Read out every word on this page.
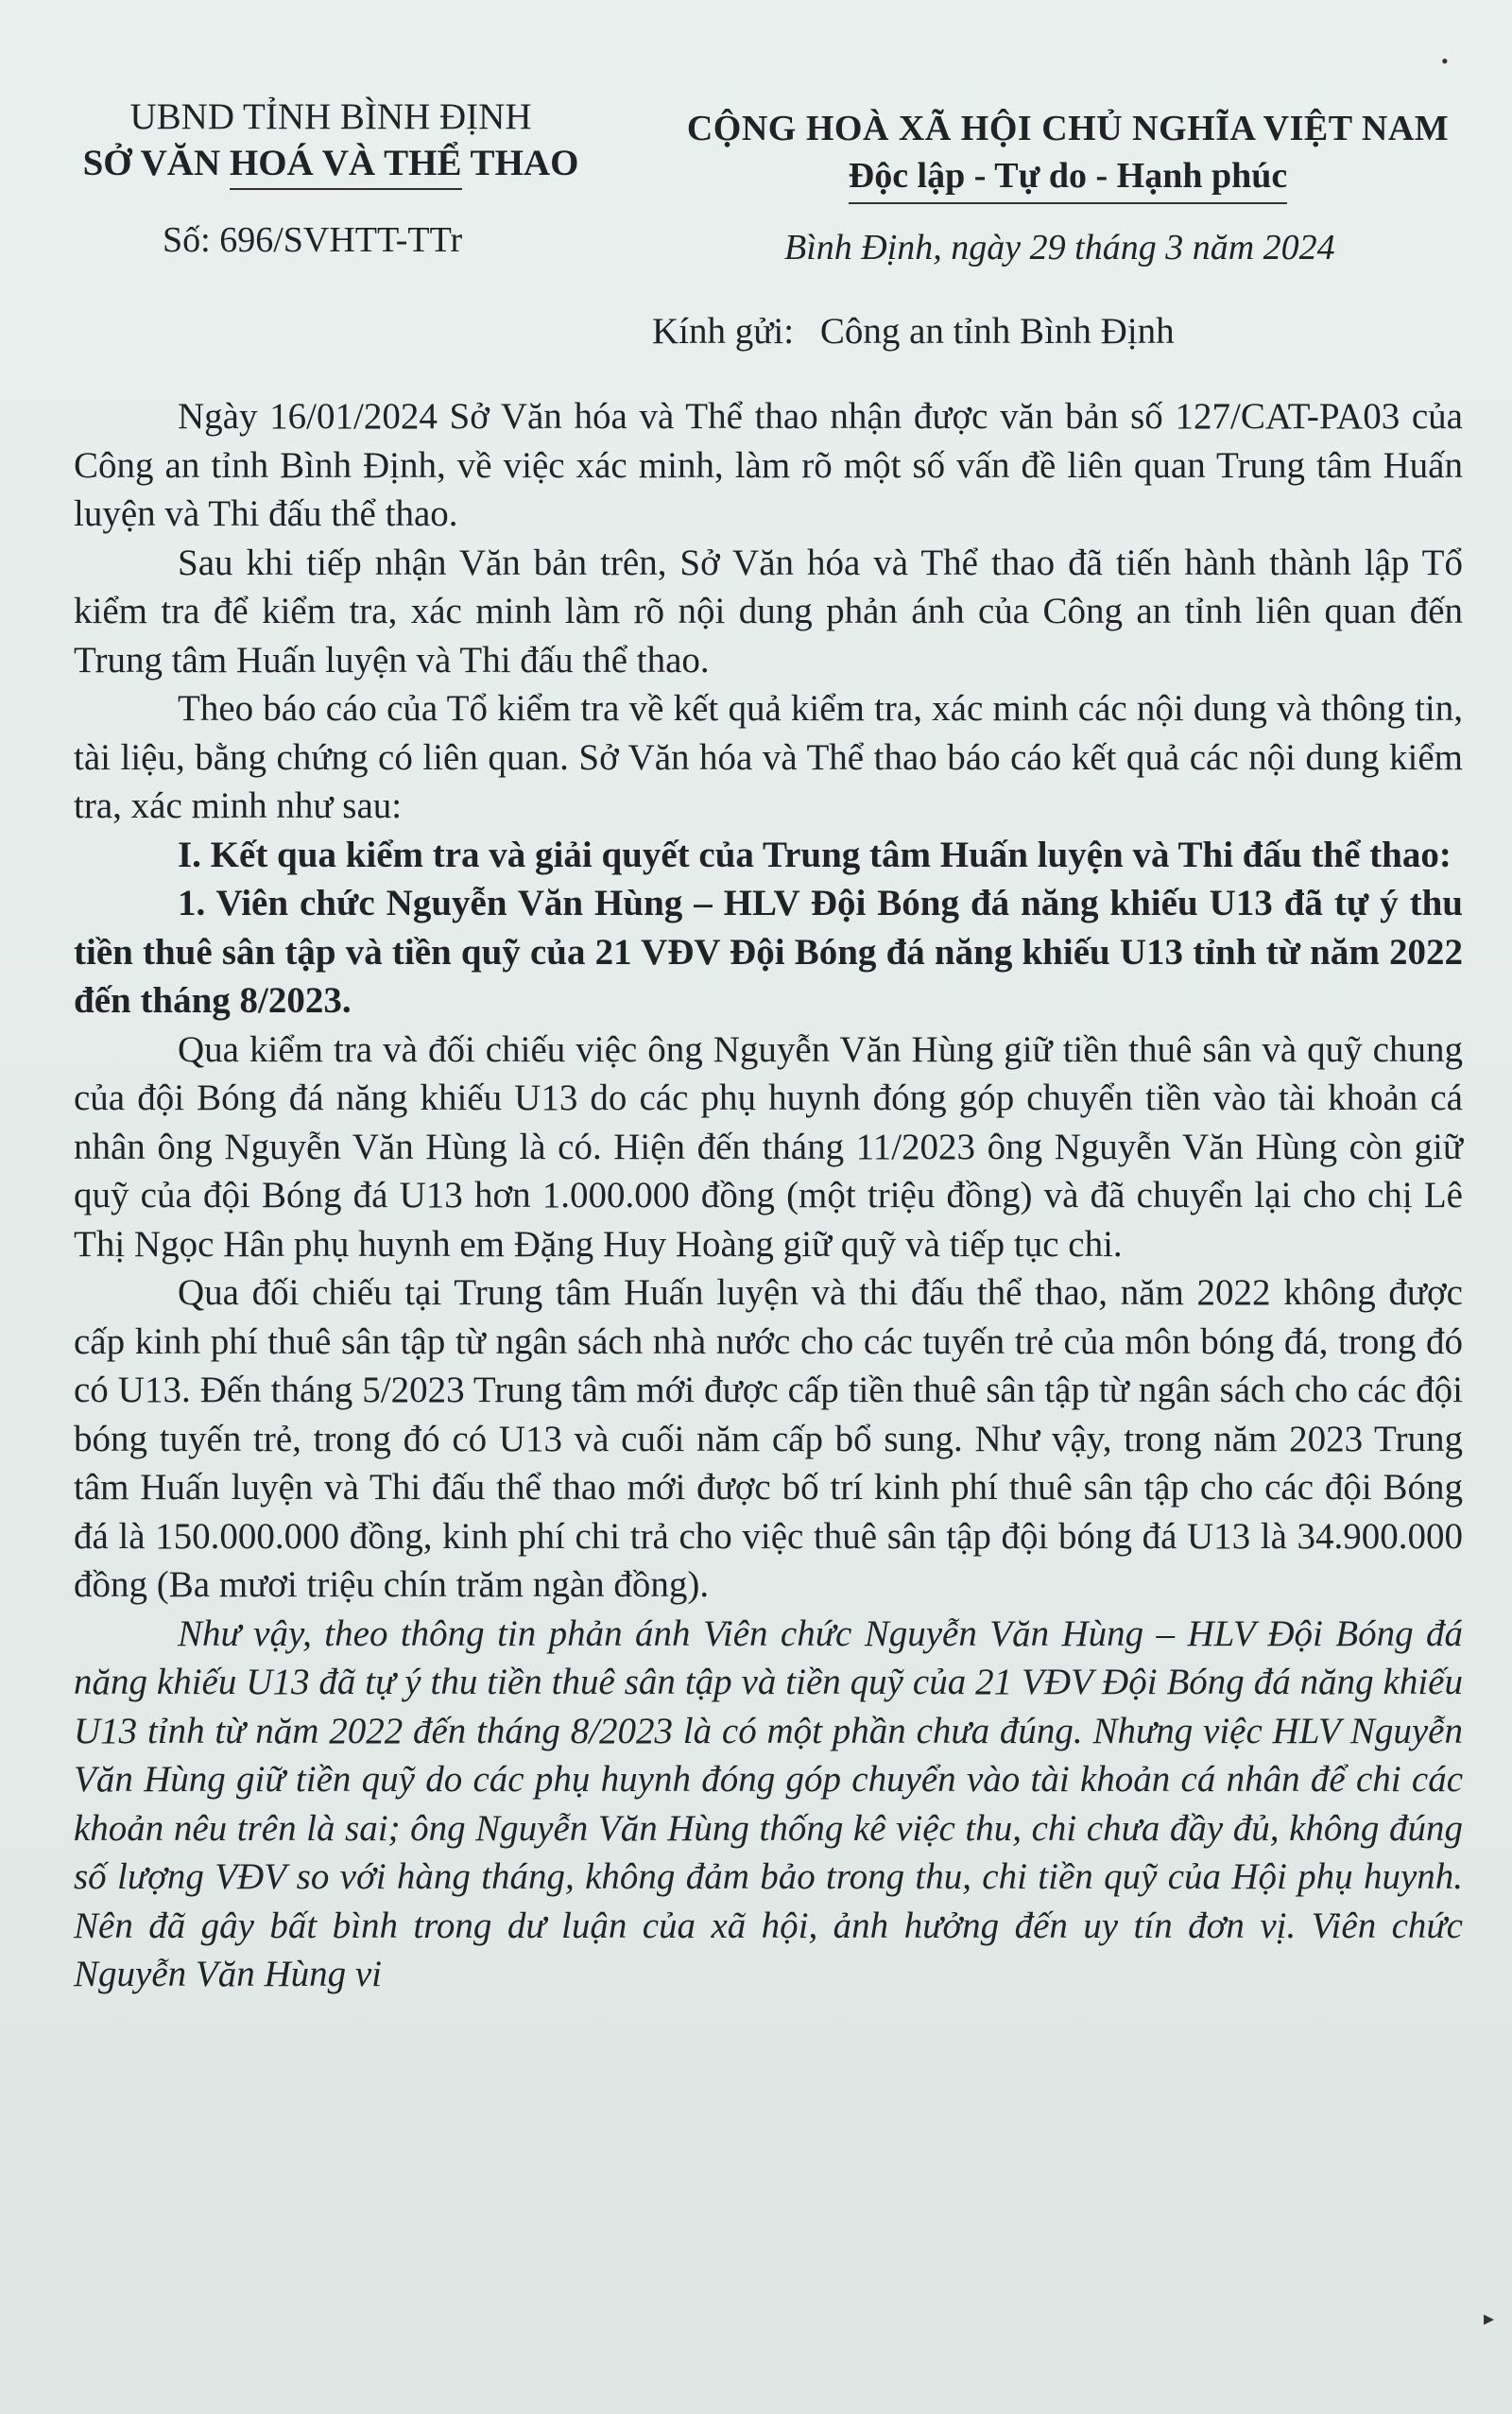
UBND TỈNH BÌNH ĐỊNH
SỞ VĂN HOÁ VÀ THỂ THAO
CỘNG HOÀ XÃ HỘI CHỦ NGHĨA VIỆT NAM
Độc lập - Tự do - Hạnh phúc
Số: 696/SVHTT-TTr	Bình Định, ngày 29 tháng 3 năm 2024
Kính gửi: Công an tỉnh Bình Định

Ngày 16/01/2024 Sở Văn hóa và Thể thao nhận được văn bản số 127/CAT-PA03 của Công an tỉnh Bình Định, về việc xác minh, làm rõ một số vấn đề liên quan Trung tâm Huấn luyện và Thi đấu thể thao.

Sau khi tiếp nhận Văn bản trên, Sở Văn hóa và Thể thao đã tiến hành thành lập Tổ kiểm tra để kiểm tra, xác minh làm rõ nội dung phản ánh của Công an tỉnh liên quan đến Trung tâm Huấn luyện và Thi đấu thể thao.

Theo báo cáo của Tổ kiểm tra về kết quả kiểm tra, xác minh các nội dung và thông tin, tài liệu, bằng chứng có liên quan. Sở Văn hóa và Thể thao báo cáo kết quả các nội dung kiểm tra, xác minh như sau:

I. Kết qua kiểm tra và giải quyết của Trung tâm Huấn luyện và Thi đấu thể thao:

1. Viên chức Nguyễn Văn Hùng – HLV Đội Bóng đá năng khiếu U13 đã tự ý thu tiền thuê sân tập và tiền quỹ của 21 VĐV Đội Bóng đá năng khiếu U13 tỉnh từ năm 2022 đến tháng 8/2023.

Qua kiểm tra và đối chiếu việc ông Nguyễn Văn Hùng giữ tiền thuê sân và quỹ chung của đội Bóng đá năng khiếu U13 do các phụ huynh đóng góp chuyển tiền vào tài khoản cá nhân ông Nguyễn Văn Hùng là có. Hiện đến tháng 11/2023 ông Nguyễn Văn Hùng còn giữ quỹ của đội Bóng đá U13 hơn 1.000.000 đồng (một triệu đồng) và đã chuyển lại cho chị Lê Thị Ngọc Hân phụ huynh em Đặng Huy Hoàng giữ quỹ và tiếp tục chi.

Qua đối chiếu tại Trung tâm Huấn luyện và thi đấu thể thao, năm 2022 không được cấp kinh phí thuê sân tập từ ngân sách nhà nước cho các tuyến trẻ của môn bóng đá, trong đó có U13. Đến tháng 5/2023 Trung tâm mới được cấp tiền thuê sân tập từ ngân sách cho các đội bóng tuyến trẻ, trong đó có U13 và cuối năm cấp bổ sung. Như vậy, trong năm 2023 Trung tâm Huấn luyện và Thi đấu thể thao mới được bố trí kinh phí thuê sân tập cho các đội Bóng đá là 150.000.000 đồng, kinh phí chi trả cho việc thuê sân tập đội bóng đá U13 là 34.900.000 đồng (Ba mươi triệu chín trăm ngàn đồng).

Như vậy, theo thông tin phản ánh Viên chức Nguyễn Văn Hùng – HLV Đội Bóng đá năng khiếu U13 đã tự ý thu tiền thuê sân tập và tiền quỹ của 21 VĐV Đội Bóng đá năng khiếu U13 tỉnh từ năm 2022 đến tháng 8/2023 là có một phần chưa đúng. Nhưng việc HLV Nguyễn Văn Hùng giữ tiền quỹ do các phụ huynh đóng góp chuyển vào tài khoản cá nhân để chi các khoản nêu trên là sai; ông Nguyễn Văn Hùng thống kê việc thu, chi chưa đầy đủ, không đúng số lượng VĐV so với hàng tháng, không đảm bảo trong thu, chi tiền quỹ của Hội phụ huynh. Nên đã gây bất bình trong dư luận của xã hội, ảnh hưởng đến uy tín đơn vị. Viên chức Nguyễn Văn Hùng vi

•
▸
